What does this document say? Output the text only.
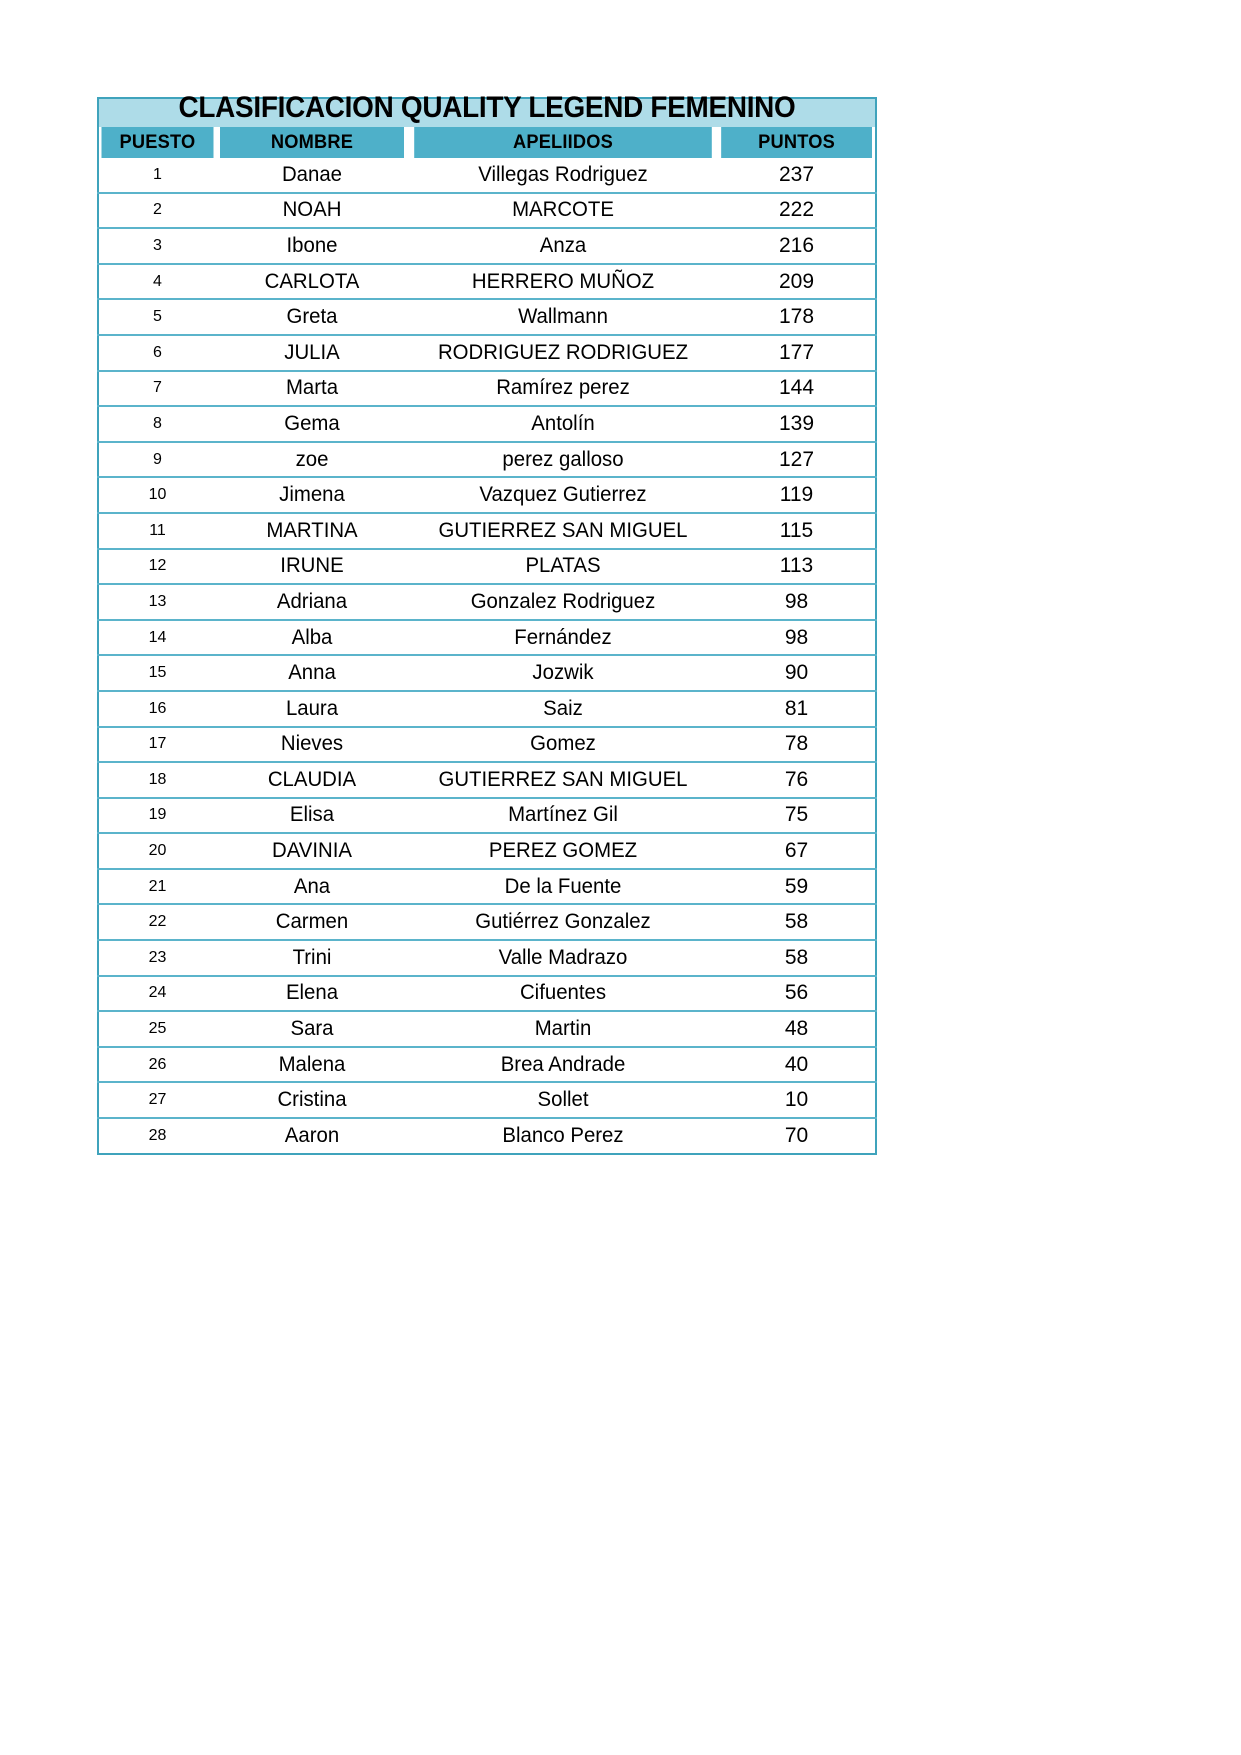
CLASIFICACION QUALITY LEGEND FEMENINO			

PUESTO	NOMBRE	APELIIDOS	PUNTOS
1	Danae	Villegas Rodriguez	237
2	NOAH	MARCOTE	222
3	Ibone	Anza	216
4	CARLOTA	HERRERO MUÑOZ	209
5	Greta	Wallmann	178
6	JULIA	RODRIGUEZ RODRIGUEZ	177
7	Marta	Ramírez perez	144
8	Gema	Antolín	139
9	zoe	perez galloso	127
10	Jimena	Vazquez Gutierrez	119
11	MARTINA	GUTIERREZ SAN MIGUEL	115
12	IRUNE	PLATAS	113
13	Adriana	Gonzalez Rodriguez	98
14	Alba	Fernández	98
15	Anna	Jozwik	90
16	Laura	Saiz	81
17	Nieves	Gomez	78
18	CLAUDIA	GUTIERREZ SAN MIGUEL	76
19	Elisa	Martínez Gil	75
20	DAVINIA	PEREZ GOMEZ	67
21	Ana	De la Fuente	59
22	Carmen	Gutiérrez Gonzalez	58
23	Trini	Valle Madrazo	58
24	Elena	Cifuentes	56
25	Sara	Martin	48
26	Malena	Brea Andrade	40
27	Cristina	Sollet	10
28	Aaron	Blanco Perez	70
